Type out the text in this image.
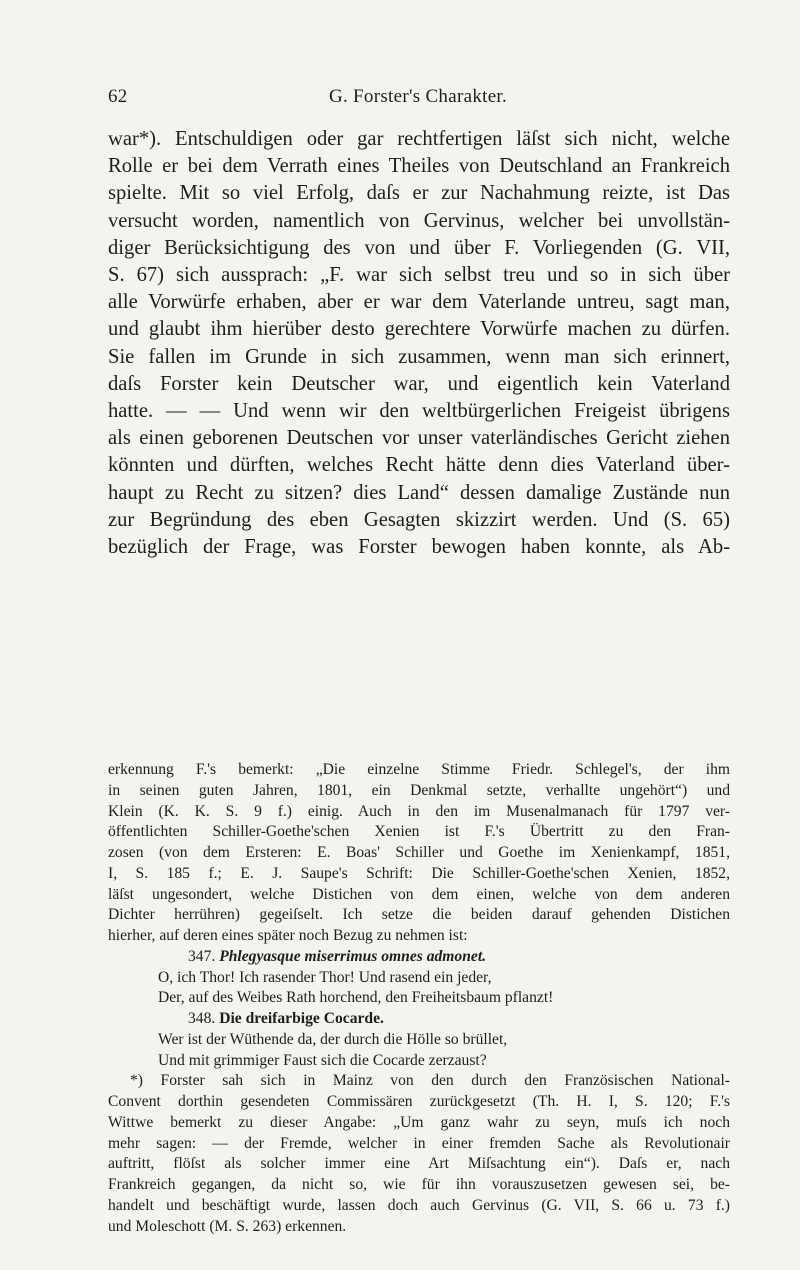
62	G. Forster's Charakter.
war*). Entschuldigen oder gar rechtfertigen läſst sich nicht, welche
Rolle er bei dem Verrath eines Theiles von Deutschland an Frankreich
spielte. Mit so viel Erfolg, daſs er zur Nachahmung reizte, ist Das
versucht worden, namentlich von Gervinus, welcher bei unvollstän-
diger Berücksichtigung des von und über F. Vorliegenden (G. VII,
S. 67) sich aussprach: „F. war sich selbst treu und so in sich über
alle Vorwürfe erhaben, aber er war dem Vaterlande untreu, sagt man,
und glaubt ihm hierüber desto gerechtere Vorwürfe machen zu dürfen.
Sie fallen im Grunde in sich zusammen, wenn man sich erinnert,
daſs Forster kein Deutscher war, und eigentlich kein Vaterland
hatte. — — Und wenn wir den weltbürgerlichen Freigeist übrigens
als einen geborenen Deutschen vor unser vaterländisches Gericht ziehen
könnten und dürften, welches Recht hätte denn dies Vaterland über-
haupt zu Recht zu sitzen? dies Land“ dessen damalige Zustände nun
zur Begründung des eben Gesagten skizzirt werden. Und (S. 65)
bezüglich der Frage, was Forster bewogen haben konnte, als Ab-
erkennung F.'s bemerkt: „Die einzelne Stimme Friedr. Schlegel's, der ihm
in seinen guten Jahren, 1801, ein Denkmal setzte, verhallte ungehört“) und
Klein (K. K. S. 9 f.) einig. Auch in den im Musenalmanach für 1797 ver-
öffentlichten Schiller-Goethe'schen Xenien ist F.'s Übertritt zu den Fran-
zosen (von dem Ersteren: E. Boas' Schiller und Goethe im Xenienkampf, 1851,
I, S. 185 f.; E. J. Saupe's Schrift: Die Schiller-Goethe'schen Xenien, 1852,
läſst ungesondert, welche Distichen von dem einen, welche von dem anderen
Dichter herrühren) gegeiſselt. Ich setze die beiden darauf gehenden Distichen
hierher, auf deren eines später noch Bezug zu nehmen ist:
347. Phlegyasque miserrimus omnes admonet.
O, ich Thor! Ich rasender Thor! Und rasend ein jeder,
Der, auf des Weibes Rath horchend, den Freiheitsbaum pflanzt!
348. Die dreifarbige Cocarde.
Wer ist der Wüthende da, der durch die Hölle so brüllet,
Und mit grimmiger Faust sich die Cocarde zerzaust?
*) Forster sah sich in Mainz von den durch den Französischen National-
Convent dorthin gesendeten Commissären zurückgesetzt (Th. H. I, S. 120; F.'s
Wittwe bemerkt zu dieser Angabe: „Um ganz wahr zu seyn, muſs ich noch
mehr sagen: — der Fremde, welcher in einer fremden Sache als Revolutionair
auftritt, flöſst als solcher immer eine Art Miſsachtung ein“). Daſs er, nach
Frankreich gegangen, da nicht so, wie für ihn vorauszusetzen gewesen sei, be-
handelt und beschäftigt wurde, lassen doch auch Gervinus (G. VII, S. 66 u. 73 f.)
und Moleschott (M. S. 263) erkennen.
